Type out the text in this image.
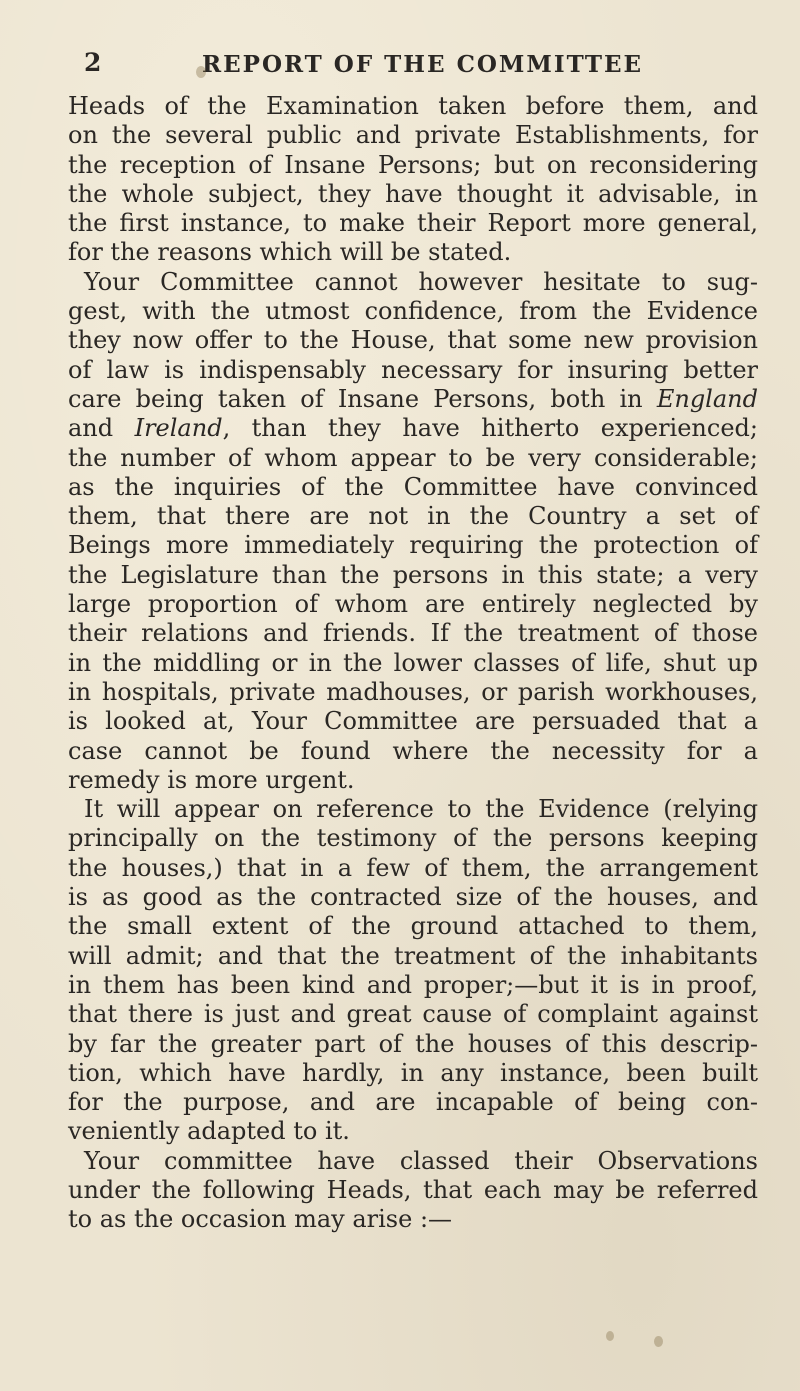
2	REPORT OF THE COMMITTEE
Heads of the Examination taken before them, and
on the several public and private Establishments, for
the reception of Insane Persons; but on reconsidering
the whole subject, they have thought it advisable, in
the first instance, to make their Report more general,
for the reasons which will be stated.
Your Committee cannot however hesitate to sug-
gest, with the utmost confidence, from the Evidence
they now offer to the House, that some new provision
of law is indispensably necessary for insuring better
care being taken of Insane Persons, both in England
and Ireland, than they have hitherto experienced;
the number of whom appear to be very considerable;
as the inquiries of the Committee have convinced
them, that there are not in the Country a set of
Beings more immediately requiring the protection of
the Legislature than the persons in this state; a very
large proportion of whom are entirely neglected by
their relations and friends. If the treatment of those
in the middling or in the lower classes of life, shut up
in hospitals, private madhouses, or parish workhouses,
is looked at, Your Committee are persuaded that a
case cannot be found where the necessity for a
remedy is more urgent.
It will appear on reference to the Evidence (relying
principally on the testimony of the persons keeping
the houses,) that in a few of them, the arrangement
is as good as the contracted size of the houses, and
the small extent of the ground attached to them,
will admit; and that the treatment of the inhabitants
in them has been kind and proper;—but it is in proof,
that there is just and great cause of complaint against
by far the greater part of the houses of this descrip-
tion, which have hardly, in any instance, been built
for the purpose, and are incapable of being con-
veniently adapted to it.
Your committee have classed their Observations
under the following Heads, that each may be referred
to as the occasion may arise :—
